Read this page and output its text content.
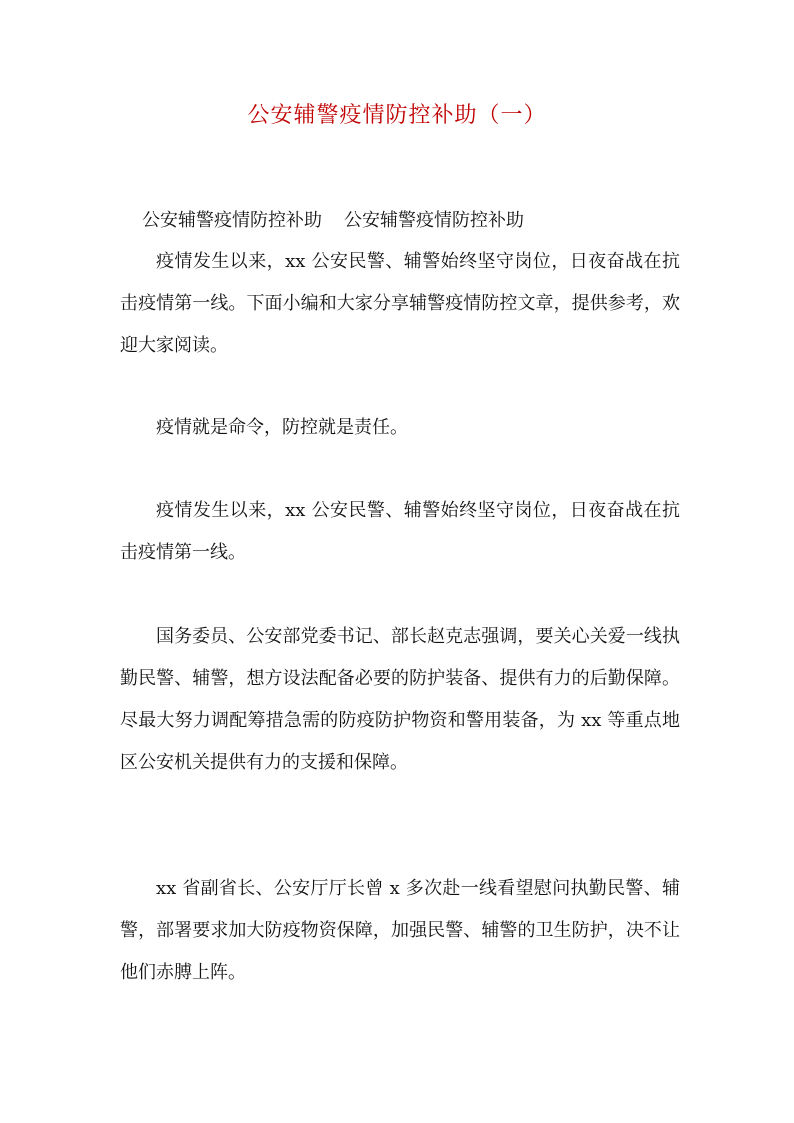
公安辅警疫情防控补助（一）
公安辅警疫情防控补助 公安辅警疫情防控补助

疫情发生以来，xx 公安民警、辅警始终坚守岗位，日夜奋战在抗击疫情第一线。下面小编和大家分享辅警疫情防控文章，提供参考，欢迎大家阅读。

疫情就是命令，防控就是责任。

疫情发生以来，xx 公安民警、辅警始终坚守岗位，日夜奋战在抗击疫情第一线。

国务委员、公安部党委书记、部长赵克志强调，要关心关爱一线执勤民警、辅警，想方设法配备必要的防护装备、提供有力的后勤保障。尽最大努力调配筹措急需的防疫防护物资和警用装备，为 xx 等重点地区公安机关提供有力的支援和保障。

xx 省副省长、公安厅厅长曾 x 多次赴一线看望慰问执勤民警、辅警，部署要求加大防疫物资保障，加强民警、辅警的卫生防护，决不让他们赤膊上阵。
